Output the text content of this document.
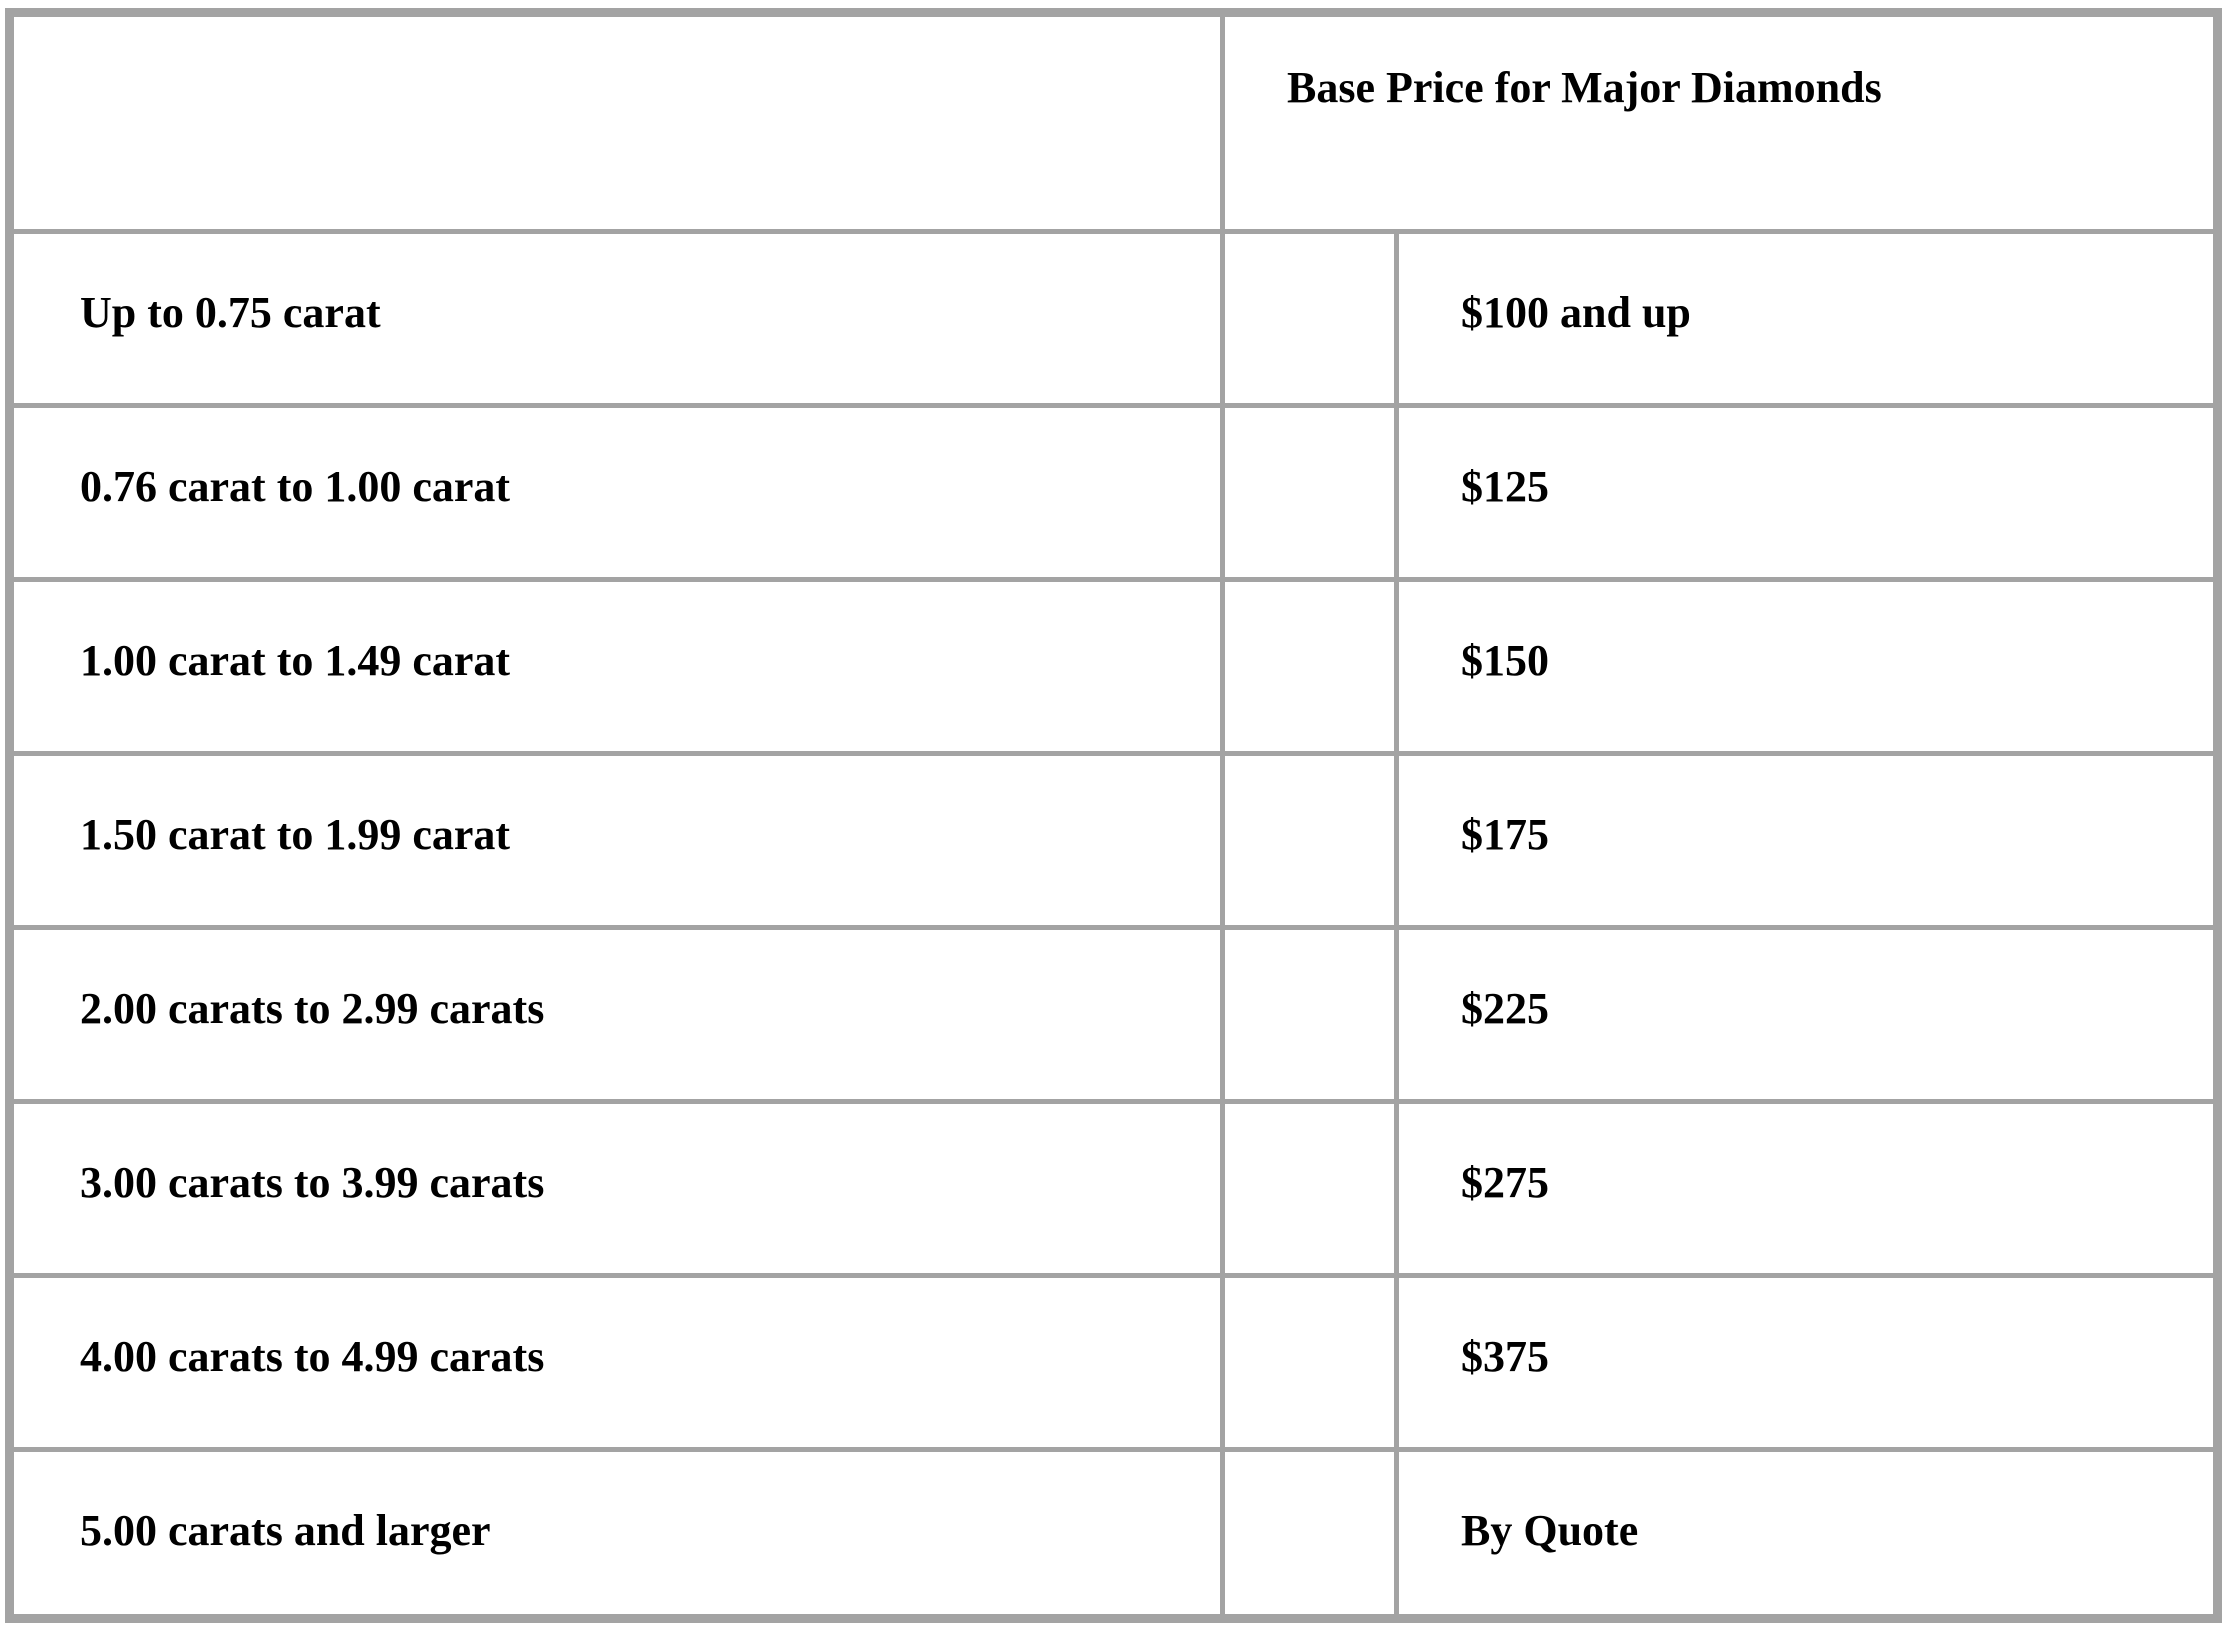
Base Price for Major Diamonds
Up to 0.75 carat	$100 and up
0.76 carat to 1.00 carat	$125
1.00 carat to 1.49 carat	$150
1.50 carat to 1.99 carat	$175
2.00 carats to 2.99 carats	$225
3.00 carats to 3.99 carats	$275
4.00 carats to 4.99 carats	$375
5.00 carats and larger	By Quote
